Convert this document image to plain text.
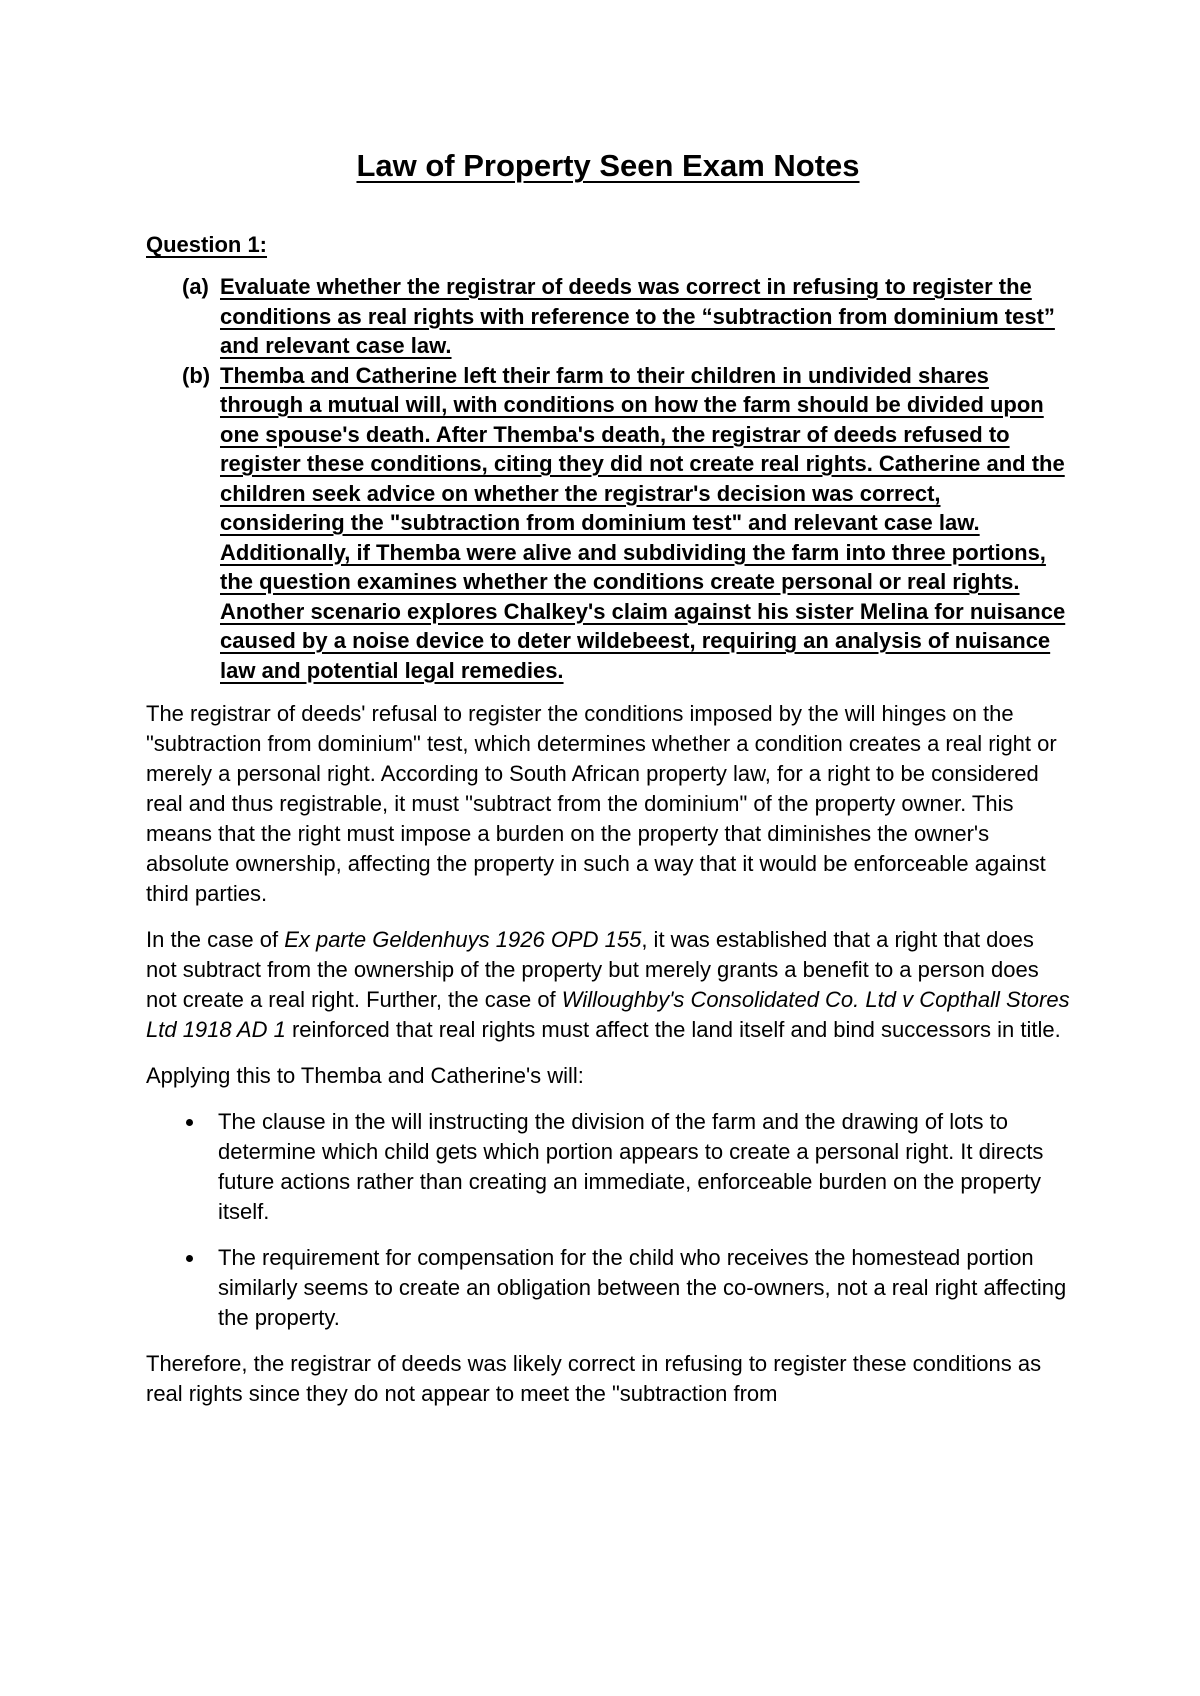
Law of Property Seen Exam Notes
Question 1:
(a) Evaluate whether the registrar of deeds was correct in refusing to register the conditions as real rights with reference to the “subtraction from dominium test” and relevant case law.
(b) Themba and Catherine left their farm to their children in undivided shares through a mutual will, with conditions on how the farm should be divided upon one spouse's death. After Themba's death, the registrar of deeds refused to register these conditions, citing they did not create real rights. Catherine and the children seek advice on whether the registrar's decision was correct, considering the "subtraction from dominium test" and relevant case law. Additionally, if Themba were alive and subdividing the farm into three portions, the question examines whether the conditions create personal or real rights. Another scenario explores Chalkey's claim against his sister Melina for nuisance caused by a noise device to deter wildebeest, requiring an analysis of nuisance law and potential legal remedies.

The registrar of deeds' refusal to register the conditions imposed by the will hinges on the "subtraction from dominium" test, which determines whether a condition creates a real right or merely a personal right. According to South African property law, for a right to be considered real and thus registrable, it must "subtract from the dominium" of the property owner. This means that the right must impose a burden on the property that diminishes the owner's absolute ownership, affecting the property in such a way that it would be enforceable against third parties.

In the case of Ex parte Geldenhuys 1926 OPD 155, it was established that a right that does not subtract from the ownership of the property but merely grants a benefit to a person does not create a real right. Further, the case of Willoughby's Consolidated Co. Ltd v Copthall Stores Ltd 1918 AD 1 reinforced that real rights must affect the land itself and bind successors in title.

Applying this to Themba and Catherine's will:

The clause in the will instructing the division of the farm and the drawing of lots to determine which child gets which portion appears to create a personal right. It directs future actions rather than creating an immediate, enforceable burden on the property itself.
The requirement for compensation for the child who receives the homestead portion similarly seems to create an obligation between the co-owners, not a real right affecting the property.

Therefore, the registrar of deeds was likely correct in refusing to register these conditions as real rights since they do not appear to meet the "subtraction from
